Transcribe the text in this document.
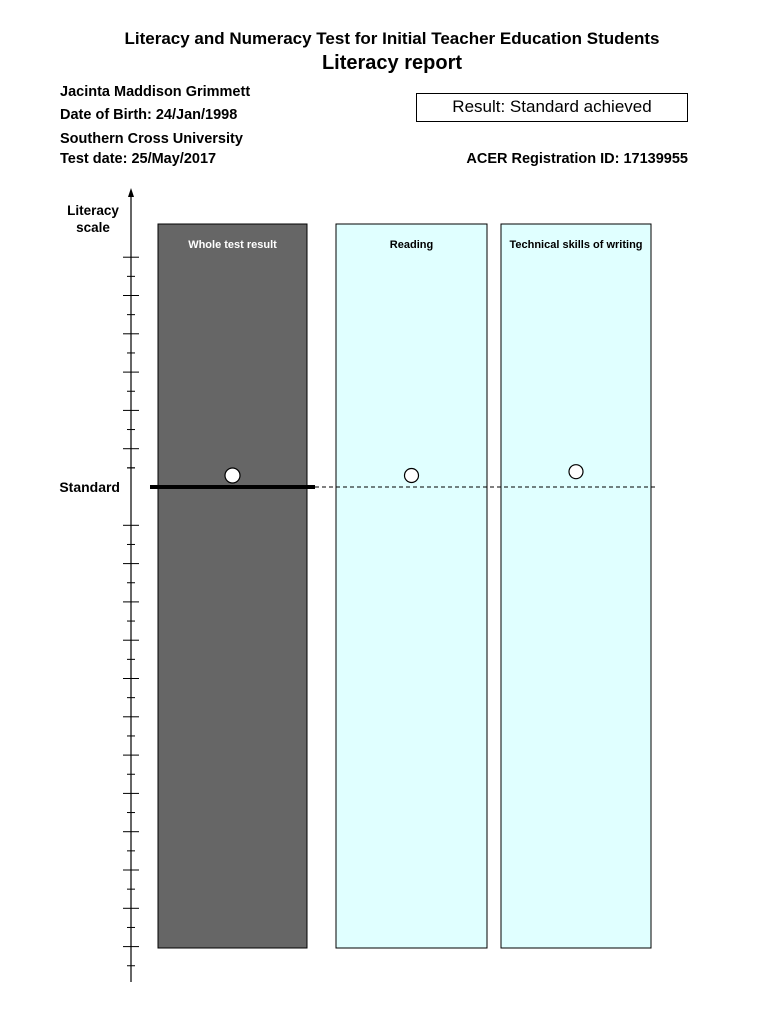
Literacy and Numeracy Test for Initial Teacher Education Students
Literacy report
Jacinta Maddison Grimmett
Date of Birth: 24/Jan/1998
Southern Cross University
Test date: 25/May/2017	ACER Registration ID: 17139955
Result: Standard achieved
Literacy
scale
Whole test result	Reading	Technical skills of writing
Standard
